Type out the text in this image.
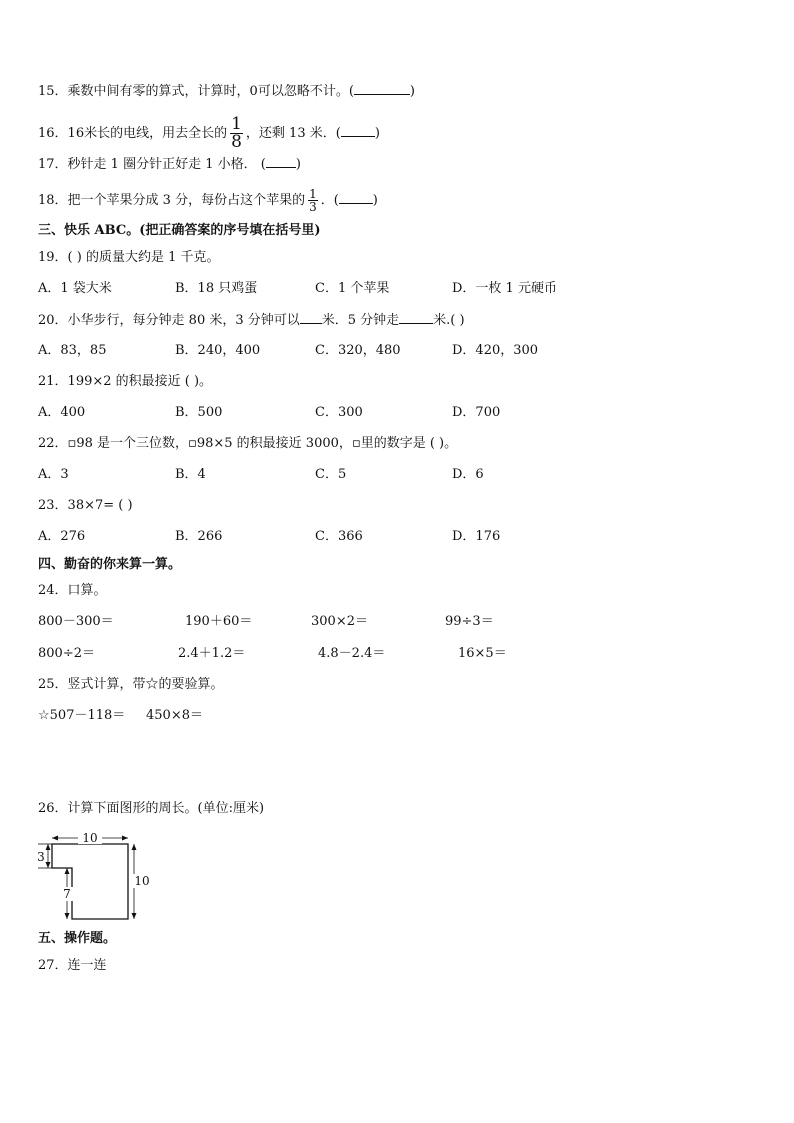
15．乘数中间有零的算式，计算时，0可以忽略不计。(	)
16．16米长的电线，用去全长的 $\frac{1}{8}$ ，还剩 13 米．(	)
17．秒针走 1 圈分针正好走 1 小格． ( )
18．把一个苹果分成 3 分，每份占这个苹果的 $\frac{1}{3}$ ．(	)
三、快乐 ABC。(把正确答案的序号填在括号里)
19．( ) 的质量大约是 1 千克。
A．1 袋大米	B．18 只鸡蛋	C．1 个苹果	D．一枚 1 元硬币
20．小华步行，每分钟走 80 米，3 分钟可以 米．5 分钟走	米.( )
A．83，85	B．240，400	C．320，480	D．420，300
21．199×2 的积最接近 ( )。
A．400	B．500	C．300	D．700
22．▫98 是一个三位数，▫98×5 的积最接近 3000，▫里的数字是 ( )。
A．3	B．4	C．5	D．6
23．38×7= ( )
A．276	B．266	C．366	D．176
四、勤奋的你来算一算。
24．口算。
800－300＝	190＋60＝	300×2＝	99÷3＝
800÷2＝	2.4＋1.2＝	4.8－2.4＝	16×5＝
25．竖式计算，带☆的要验算。
☆507－118＝ 450×8＝
26．计算下面图形的周长。(单位:厘米)
10
3
7
10
五、操作题。
27．连一连
